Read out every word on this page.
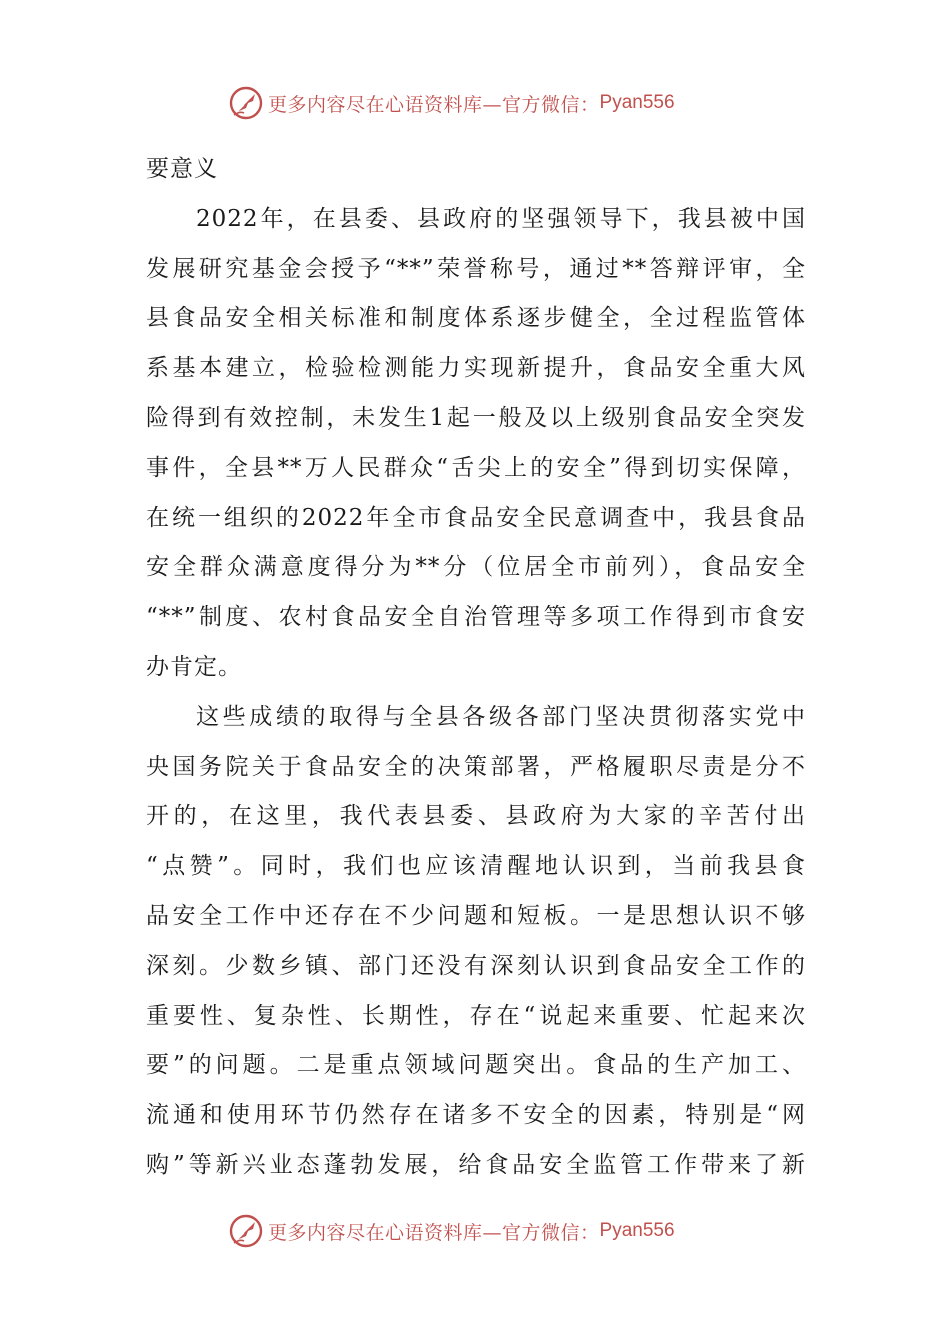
更多内容尽在心语资料库—官方微信： Pyan556
要意义
2022年，在县委、县政府的坚强领导下，我县被中国
发展研究基金会授予“**”荣誉称号，通过**答辩评审，全
县食品安全相关标准和制度体系逐步健全，全过程监管体
系基本建立，检验检测能力实现新提升，食品安全重大风
险得到有效控制，未发生1起一般及以上级别食品安全突发
事件，全县**万人民群众“舌尖上的安全”得到切实保障，
在统一组织的2022年全市食品安全民意调查中，我县食品
安全群众满意度得分为**分（位居全市前列），食品安全
“**”制度、农村食品安全自治管理等多项工作得到市食安
办肯定。
这些成绩的取得与全县各级各部门坚决贯彻落实党中
央国务院关于食品安全的决策部署，严格履职尽责是分不
开的，在这里，我代表县委、县政府为大家的辛苦付出
“点赞”。同时，我们也应该清醒地认识到，当前我县食
品安全工作中还存在不少问题和短板。一是思想认识不够
深刻。少数乡镇、部门还没有深刻认识到食品安全工作的
重要性、复杂性、长期性，存在“说起来重要、忙起来次
要”的问题。二是重点领域问题突出。食品的生产加工、
流通和使用环节仍然存在诸多不安全的因素，特别是“网
购”等新兴业态蓬勃发展，给食品安全监管工作带来了新
更多内容尽在心语资料库—官方微信： Pyan556
